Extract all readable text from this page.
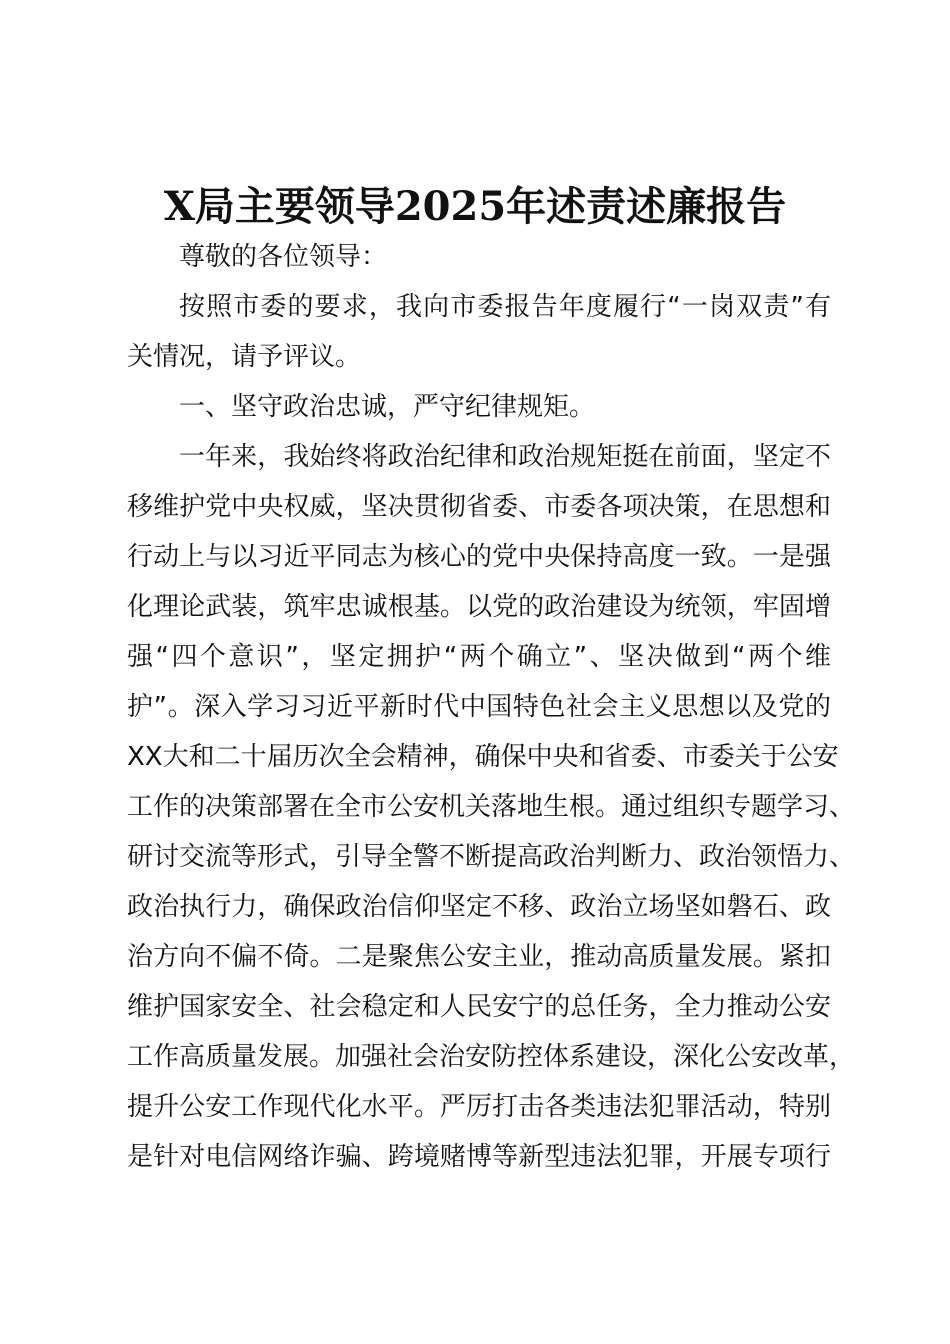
X局主要领导2025年述责述廉报告
尊敬的各位领导：
按照市委的要求，我向市委报告年度履行“一岗双责”有
关情况，请予评议。
一、坚守政治忠诚，严守纪律规矩。
一年来，我始终将政治纪律和政治规矩挺在前面，坚定不
移维护党中央权威，坚决贯彻省委、市委各项决策，在思想和
行动上与以习近平同志为核心的党中央保持高度一致。一是强
化理论武装，筑牢忠诚根基。以党的政治建设为统领，牢固增
强“四个意识”，坚定拥护“两个确立”、坚决做到“两个维
护”。深入学习习近平新时代中国特色社会主义思想以及党的
XX大和二十届历次全会精神，确保中央和省委、市委关于公安
工作的决策部署在全市公安机关落地生根。通过组织专题学习、
研讨交流等形式，引导全警不断提高政治判断力、政治领悟力、
政治执行力，确保政治信仰坚定不移、政治立场坚如磐石、政
治方向不偏不倚。二是聚焦公安主业，推动高质量发展。紧扣
维护国家安全、社会稳定和人民安宁的总任务，全力推动公安
工作高质量发展。加强社会治安防控体系建设，深化公安改革，
提升公安工作现代化水平。严厉打击各类违法犯罪活动，特别
是针对电信网络诈骗、跨境赌博等新型违法犯罪，开展专项行
